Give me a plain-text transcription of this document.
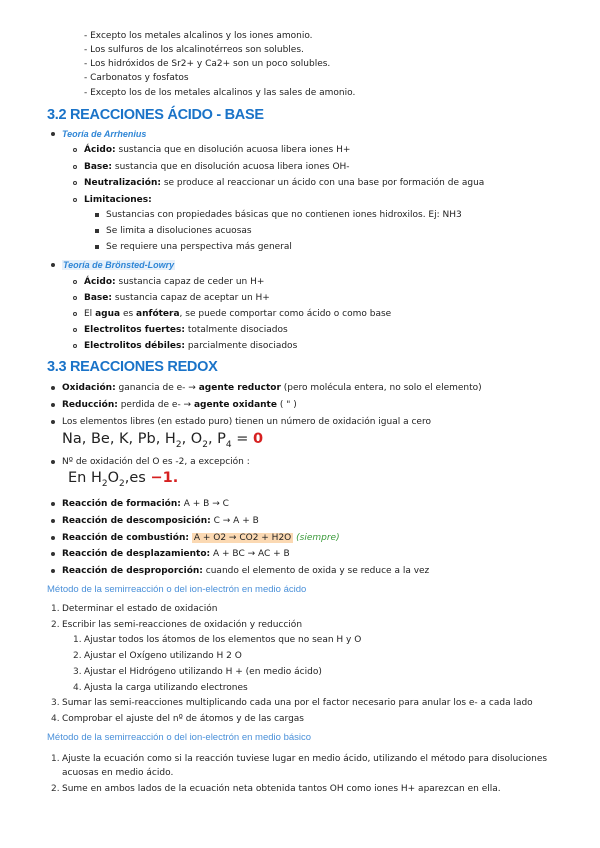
- Excepto los metales alcalinos y los iones amonio.
- Los sulfuros de los alcalinotérreos son solubles.
- Los hidróxidos de Sr2+ y Ca2+ son un poco solubles.
- Carbonatos y fosfatos
- Excepto los de los metales alcalinos y las sales de amonio.
3.2 REACCIONES ÁCIDO - BASE
Teoría de Arrhenius
Ácido: sustancia que en disolución acuosa libera iones H+
Base: sustancia que en disolución acuosa libera iones OH-
Neutralización: se produce al reaccionar un ácido con una base por formación de agua
Limitaciones:
Sustancias con propiedades básicas que no contienen iones hidroxilos. Ej: NH3
Se limita a disoluciones acuosas
Se requiere una perspectiva más general
Teoría de Brönsted-Lowry
Ácido: sustancia capaz de ceder un H+
Base: sustancia capaz de aceptar un H+
El agua es anfótera, se puede comportar como ácido o como base
Electrolitos fuertes: totalmente disociados
Electrolitos débiles: parcialmente disociados
3.3 REACCIONES REDOX
Oxidación: ganancia de e- → agente reductor (pero molécula entera, no solo el elemento)
Reducción: perdida de e- → agente oxidante ( " )
Los elementos libres (en estado puro) tienen un número de oxidación igual a cero
Na, Be, K, Pb, $H_2$, $O_2$, $P_4 = 0$
Nº de oxidación del O es -2, a excepción :
En $H_2O_2,es -1$.
Reacción de formación: A + B → C
Reacción de descomposición: C → A + B
Reacción de combustión: A + O2 → CO2 + H2O (siempre)
Reacción de desplazamiento: A + BC → AC + B
Reacción de desproporción: cuando el elemento de oxida y se reduce a la vez
Método de la semirreacción o del ion-electrón en medio ácido
1. Determinar el estado de oxidación
2. Escribir las semi-reacciones de oxidación y reducción
1. Ajustar todos los átomos de los elementos que no sean H y O
2. Ajustar el Oxígeno utilizando H 2 O
3. Ajustar el Hidrógeno utilizando H + (en medio ácido)
4. Ajusta la carga utilizando electrones
3. Sumar las semi-reacciones multiplicando cada una por el factor necesario para anular los e- a cada lado
4. Comprobar el ajuste del nº de átomos y de las cargas
Método de la semirreacción o del ion-electrón en medio básico
1. Ajuste la ecuación como si la reacción tuviese lugar en medio ácido, utilizando el método para disoluciones
acuosas en medio ácido.
2. Sume en ambos lados de la ecuación neta obtenida tantos OH como iones H+ aparezcan en ella.
